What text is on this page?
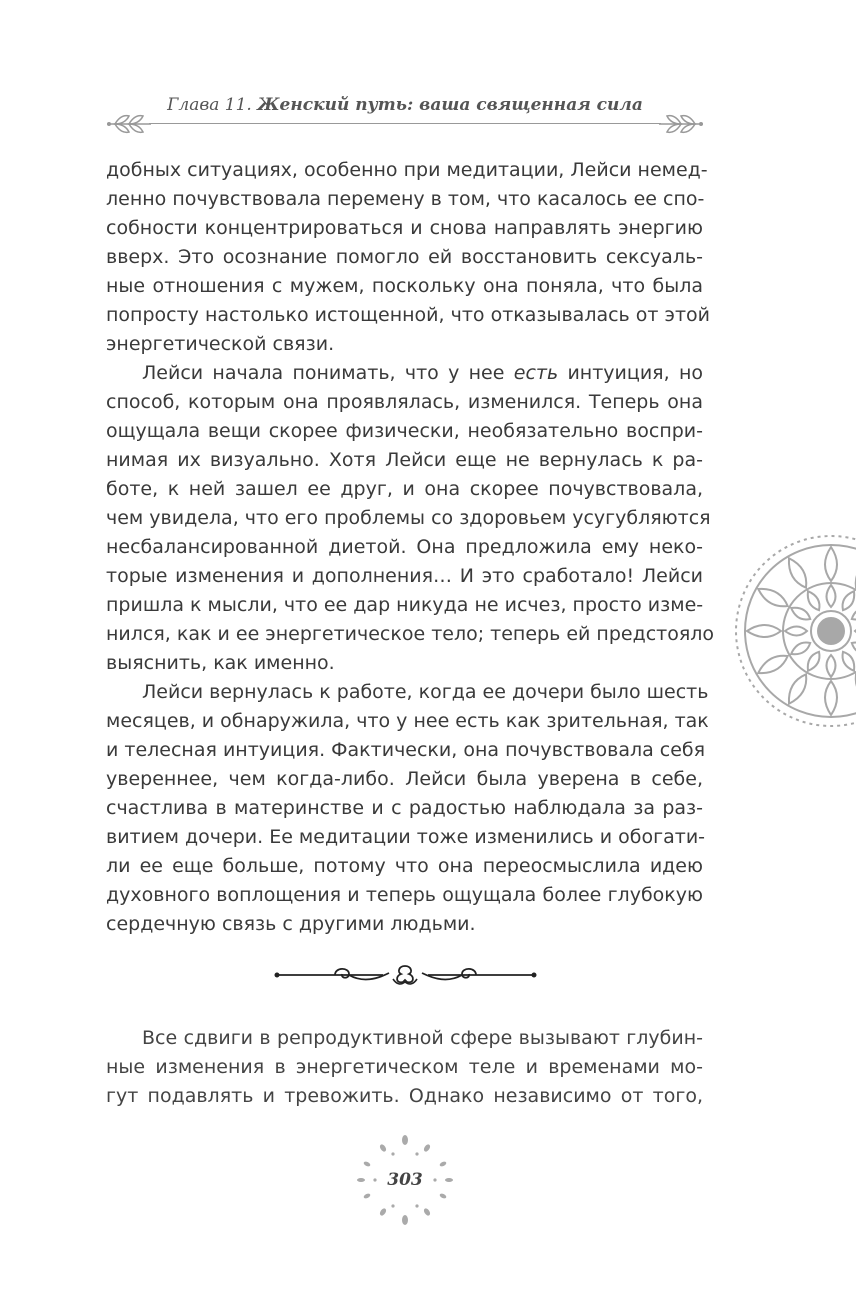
Глава 11. Женский путь: ваша священная сила
добных ситуациях, особенно при медитации, Лейси немед-
ленно почувствовала перемену в том, что касалось ее спо-
собности концентрироваться и снова направлять энергию
вверх. Это осознание помогло ей восстановить сексуаль-
ные отношения с мужем, поскольку она поняла, что была
попросту настолько истощенной, что отказывалась от этой
энергетической связи.
Лейси начала понимать, что у нее есть интуиция, но
способ, которым она проявлялась, изменился. Теперь она
ощущала вещи скорее физически, необязательно воспри-
нимая их визуально. Хотя Лейси еще не вернулась к ра-
боте, к ней зашел ее друг, и она скорее почувствовала,
чем увидела, что его проблемы со здоровьем усугубляются
несбалансированной диетой. Она предложила ему неко-
торые изменения и дополнения… И это сработало! Лейси
пришла к мысли, что ее дар никуда не исчез, просто изме-
нился, как и ее энергетическое тело; теперь ей предстояло
выяснить, как именно.
Лейси вернулась к работе, когда ее дочери было шесть
месяцев, и обнаружила, что у нее есть как зрительная, так
и телесная интуиция. Фактически, она почувствовала себя
увереннее, чем когда-либо. Лейси была уверена в себе,
счастлива в материнстве и с радостью наблюдала за раз-
витием дочери. Ее медитации тоже изменились и обогати-
ли ее еще больше, потому что она переосмыслила идею
духовного воплощения и теперь ощущала более глубокую
сердечную связь с другими людьми.
Все сдвиги в репродуктивной сфере вызывают глубин-
ные изменения в энергетическом теле и временами мо-
гут подавлять и тревожить. Однако независимо от того,
303
